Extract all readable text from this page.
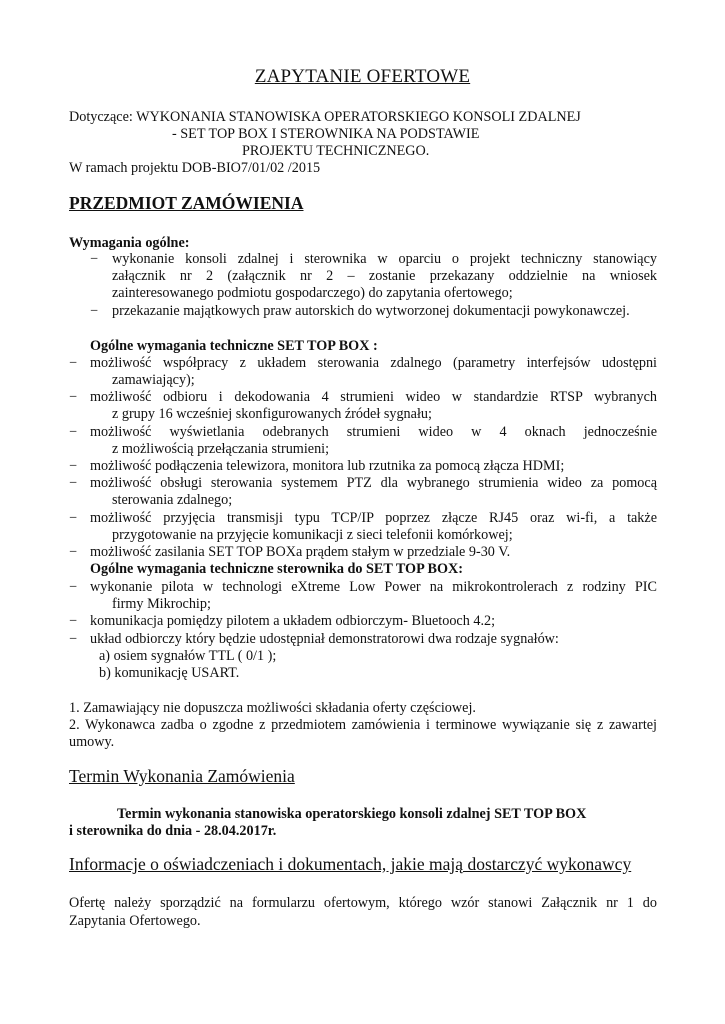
ZAPYTANIE OFERTOWE
Dotyczące: WYKONANIA STANOWISKA OPERATORSKIEGO KONSOLI ZDALNEJ
- SET TOP BOX I STEROWNIKA NA PODSTAWIE
PROJEKTU TECHNICZNEGO.
W ramach projektu DOB-BIO7/01/02 /2015
PRZEDMIOT ZAMÓWIENIA
Wymagania ogólne:
− wykonanie konsoli zdalnej i sterownika w oparciu o projekt techniczny stanowiący
załącznik nr 2 (załącznik nr 2 – zostanie przekazany oddzielnie na wniosek
zainteresowanego podmiotu gospodarczego) do zapytania ofertowego;
− przekazanie majątkowych praw autorskich do wytworzonej dokumentacji powykonawczej.
Ogólne wymagania techniczne SET TOP BOX :
− możliwość współpracy z układem sterowania zdalnego (parametry interfejsów udostępni
zamawiający);
− możliwość odbioru i dekodowania 4 strumieni wideo w standardzie RTSP wybranych
z grupy 16 wcześniej skonfigurowanych źródeł sygnału;
− możliwość wyświetlania odebranych strumieni wideo w 4 oknach jednocześnie
z możliwością przełączania strumieni;
− możliwość podłączenia telewizora, monitora lub rzutnika za pomocą złącza HDMI;
− możliwość obsługi sterowania systemem PTZ dla wybranego strumienia wideo za pomocą
sterowania zdalnego;
− możliwość przyjęcia transmisji typu TCP/IP poprzez złącze RJ45 oraz wi-fi, a także
przygotowanie na przyjęcie komunikacji z sieci telefonii komórkowej;
− możliwość zasilania SET TOP BOXa prądem stałym w przedziale 9-30 V.
Ogólne wymagania techniczne sterownika do SET TOP BOX:
− wykonanie pilota w technologi eXtreme Low Power na mikrokontrolerach z rodziny PIC
firmy Mikrochip;
− komunikacja pomiędzy pilotem a układem odbiorczym- Bluetooch 4.2;
− układ odbiorczy który będzie udostępniał demonstratorowi dwa rodzaje sygnałów:
a) osiem sygnałów TTL ( 0/1 );
b) komunikację USART.
1. Zamawiający nie dopuszcza możliwości składania oferty częściowej.
2. Wykonawca zadba o zgodne z przedmiotem zamówienia i terminowe wywiązanie się z zawartej
umowy.
Termin Wykonania Zamówienia
Termin wykonania stanowiska operatorskiego konsoli zdalnej SET TOP BOX
i sterownika do dnia - 28.04.2017r.
Informacje o oświadczeniach i dokumentach, jakie mają dostarczyć wykonawcy
Ofertę należy sporządzić na formularzu ofertowym, którego wzór stanowi Załącznik nr 1 do
Zapytania Ofertowego.
